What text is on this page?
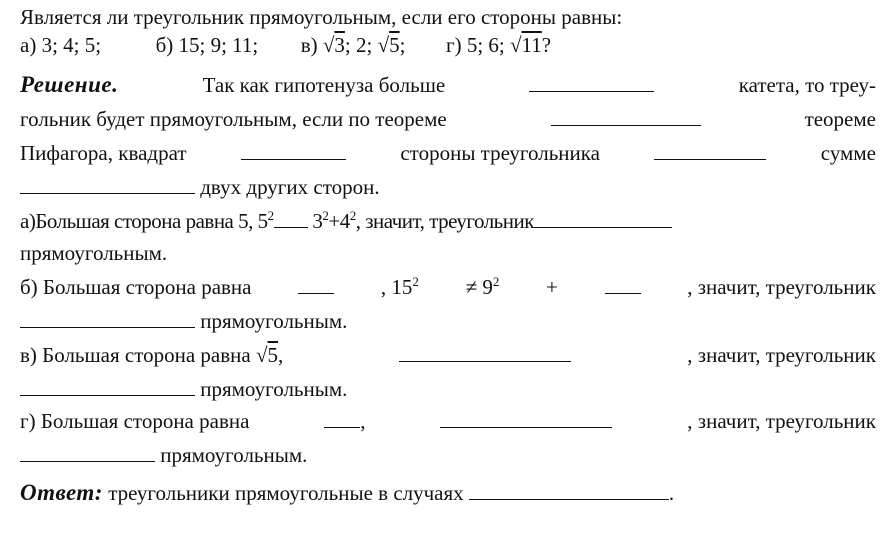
Является ли треугольник прямоугольным, если его стороны равны:
а) 3; 4; 5;	б) 15; 9; 11; в) √3; 2; √5; г) 5; 6; √11?
Решение.	Так как гипотенуза больше	катета, то треу-
гольник будет прямоугольным, если по теореме	теореме
Пифагора, квадрат	стороны треугольника	сумме
двух других сторон.
а)Большая сторона равна 5, $5^2$ $3^2+4^2$, значит, треугольник
прямоугольным.
б) Большая сторона равна	, $15^2 \ne 9^2$ +	, значит, треугольник
прямоугольным.
в) Большая сторона равна √5,	, значит, треугольник
прямоугольным.
г) Большая сторона равна	,	, значит, треугольник
прямоугольным.
Ответ: треугольники прямоугольные в случаях	.
